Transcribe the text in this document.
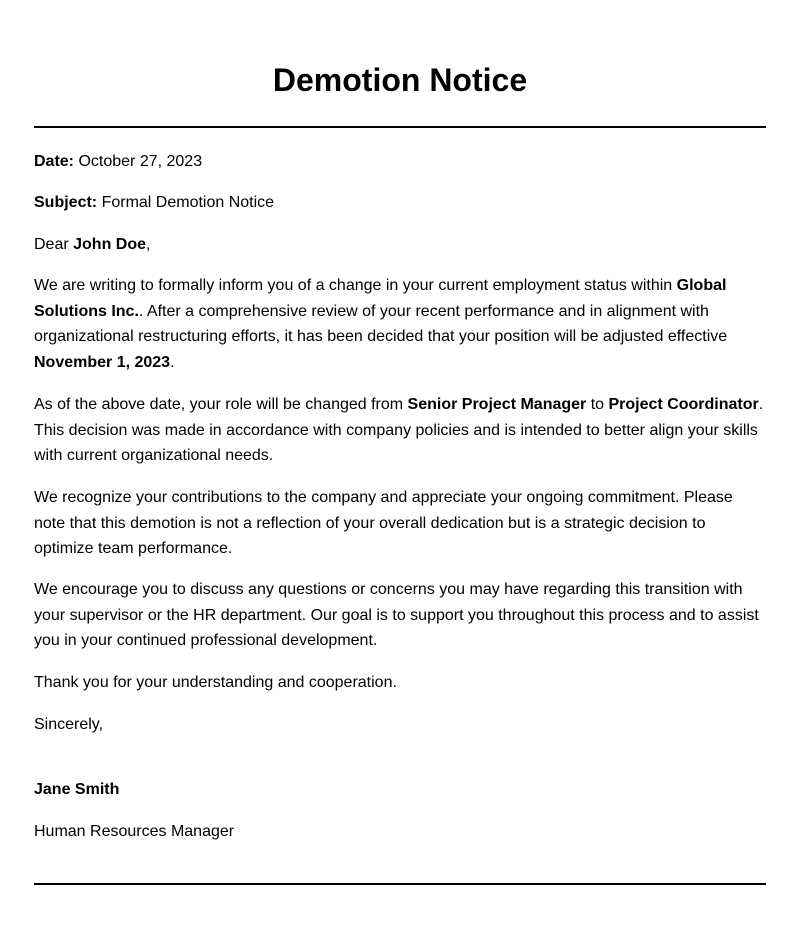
Demotion Notice

Date: October 27, 2023

Subject: Formal Demotion Notice

Dear John Doe,

We are writing to formally inform you of a change in your current employment status within Global Solutions Inc.. After a comprehensive review of your recent performance and in alignment with organizational restructuring efforts, it has been decided that your position will be adjusted effective November 1, 2023.

As of the above date, your role will be changed from Senior Project Manager to Project Coordinator. This decision was made in accordance with company policies and is intended to better align your skills with current organizational needs.

We recognize your contributions to the company and appreciate your ongoing commitment. Please note that this demotion is not a reflection of your overall dedication but is a strategic decision to optimize team performance.

We encourage you to discuss any questions or concerns you may have regarding this transition with your supervisor or the HR department. Our goal is to support you throughout this process and to assist you in your continued professional development.

Thank you for your understanding and cooperation.

Sincerely,

Jane Smith

Human Resources Manager
